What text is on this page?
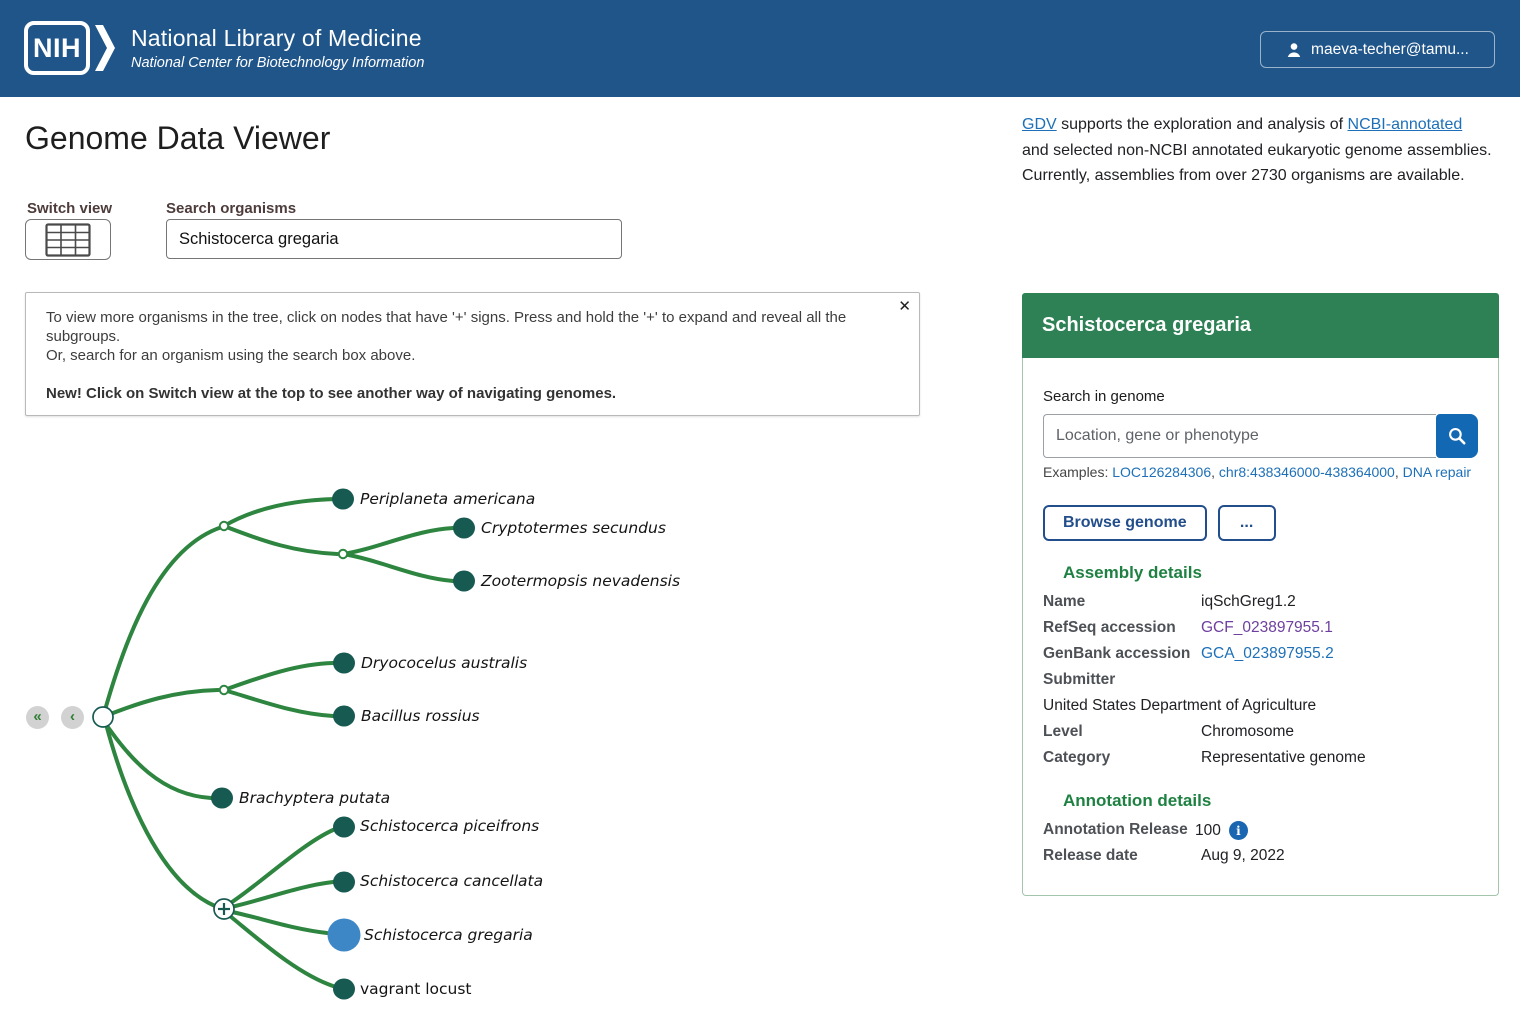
NIH National Library of Medicine
National Center for Biotechnology Information
maeva-techer@tamu...
Genome Data Viewer
Switch view	Search organisms
Schistocerca gregaria
✕
To view more organisms in the tree, click on nodes that have '+' signs. Press and hold the '+' to expand and reveal all the subgroups.
Or, search for an organism using the search box above.
New! Click on Switch view at the top to see another way of navigating genomes.
Periplaneta americana
Cryptotermes secundus
Zootermopsis nevadensis
Dryococelus australis
Bacillus rossius
Brachyptera putata
Schistocerca piceifrons
Schistocerca cancellata
Schistocerca gregaria
vagrant locust
«	‹

GDV supports the exploration and analysis of NCBI-annotated and selected non-NCBI annotated eukaryotic genome assemblies. Currently, assemblies from over 2730 organisms are available.

Schistocerca gregaria
Search in genome
Location, gene or phenotype
Examples: LOC126284306, chr8:438346000-438364000, DNA repair
Browse genome	...
Assembly details
Name	iqSchGreg1.2
RefSeq accession	GCF_023897955.1
GenBank accession GCA_023897955.2
Submitter
United States Department of Agriculture
Level	Chromosome
Category	Representative genome
Annotation details
Annotation Release 100	i
Release date	Aug 9, 2022
